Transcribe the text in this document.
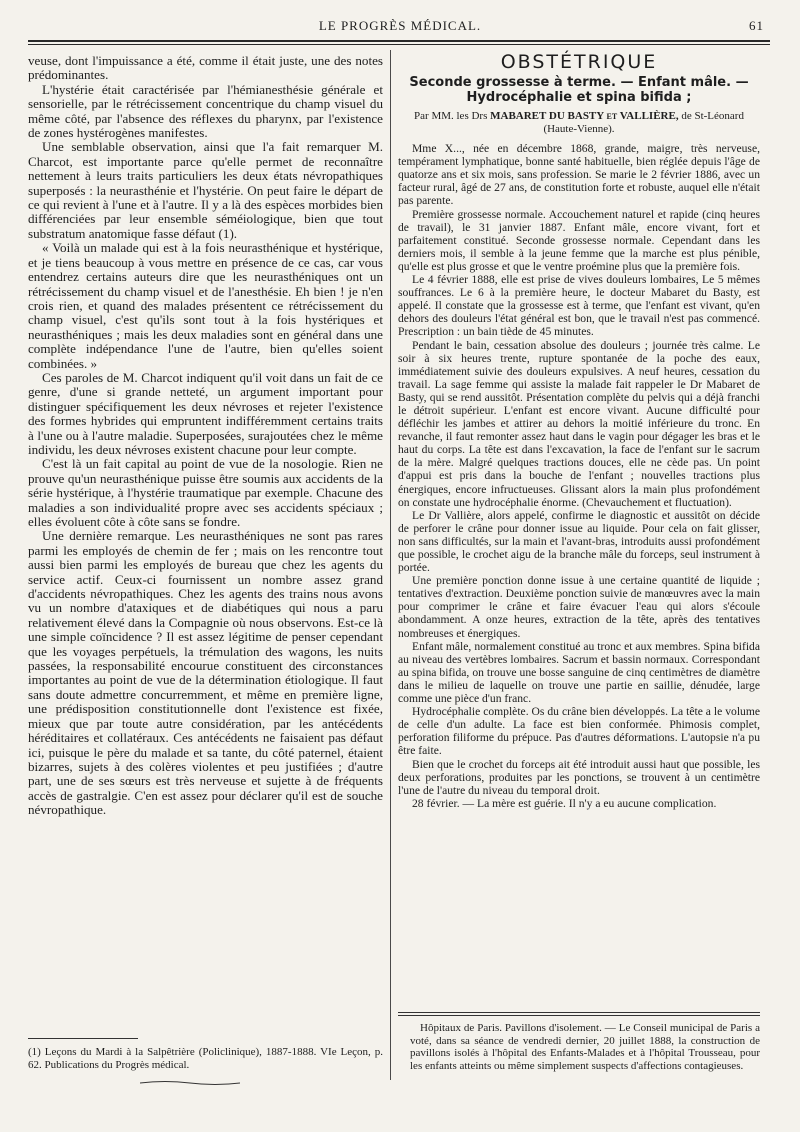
LE PROGRÈS MÉDICAL.	61

veuse, dont l'impuissance a été, comme il était juste, une des notes prédominantes.

L'hystérie était caractérisée par l'hémianesthésie générale et sensorielle, par le rétrécissement concentrique du champ visuel du même côté, par l'absence des réflexes du pharynx, par l'existence de zones hystérogènes manifestes.

Une semblable observation, ainsi que l'a fait remarquer M. Charcot, est importante parce qu'elle permet de reconnaître nettement à leurs traits particuliers les deux états névropathiques superposés : la neurasthénie et l'hystérie. On peut faire le départ de ce qui revient à l'une et à l'autre. Il y a là des espèces morbides bien différenciées par leur ensemble séméiologique, bien que tout substratum anatomique fasse défaut (1).

« Voilà un malade qui est à la fois neurasthénique et hystérique, et je tiens beaucoup à vous mettre en présence de ce cas, car vous entendrez certains auteurs dire que les neurasthéniques ont un rétrécissement du champ visuel et de l'anesthésie. Eh bien ! je n'en crois rien, et quand des malades présentent ce rétrécissement du champ visuel, c'est qu'ils sont tout à la fois hystériques et neurasthéniques ; mais les deux maladies sont en général dans une complète indépendance l'une de l'autre, bien qu'elles soient combinées. »

Ces paroles de M. Charcot indiquent qu'il voit dans un fait de ce genre, d'une si grande netteté, un argument important pour distinguer spécifiquement les deux névroses et rejeter l'existence des formes hybrides qui empruntent indifféremment certains traits à l'une ou à l'autre maladie. Superposées, surajoutées chez le même individu, les deux névroses existent chacune pour leur compte.

C'est là un fait capital au point de vue de la nosologie. Rien ne prouve qu'un neurasthénique puisse être soumis aux accidents de la série hystérique, à l'hystérie traumatique par exemple. Chacune des maladies a son individualité propre avec ses accidents spéciaux ; elles évoluent côte à côte sans se fondre.

Une dernière remarque. Les neurasthéniques ne sont pas rares parmi les employés de chemin de fer ; mais on les rencontre tout aussi bien parmi les employés de bureau que chez les agents du service actif. Ceux-ci fournissent un nombre assez grand d'accidents névropathiques. Chez les agents des trains nous avons vu un nombre d'ataxiques et de diabétiques qui nous a paru relativement élevé dans la Compagnie où nous observons. Est-ce là une simple coïncidence ? Il est assez légitime de penser cependant que les voyages perpétuels, la trémulation des wagons, les nuits passées, la responsabilité encourue constituent des circonstances importantes au point de vue de la détermination étiologique. Il faut sans doute admettre concurremment, et même en première ligne, une prédisposition constitutionnelle dont l'existence est fixée, mieux que par toute autre considération, par les antécédents héréditaires et collatéraux. Ces antécédents ne faisaient pas défaut ici, puisque le père du malade et sa tante, du côté paternel, étaient bizarres, sujets à des colères violentes et peu justifiées ; d'autre part, une de ses sœurs est très nerveuse et sujette à de fréquents accès de gastralgie. C'en est assez pour déclarer qu'il est de souche névropathique.

OBSTÉTRIQUE
Seconde grossesse à terme. — Enfant mâle. — Hydrocéphalie et spina bifida ;
Par MM. les Drs MABARET DU BASTY et VALLIÈRE, de St-Léonard (Haute-Vienne).

Mme X..., née en décembre 1868, grande, maigre, très nerveuse, tempérament lymphatique, bonne santé habituelle, bien réglée depuis l'âge de quatorze ans et six mois, sans profession. Se marie le 2 février 1886, avec un facteur rural, âgé de 27 ans, de constitution forte et robuste, auquel elle n'était pas parente.

Première grossesse normale. Accouchement naturel et rapide (cinq heures de travail), le 31 janvier 1887. Enfant mâle, encore vivant, fort et parfaitement constitué. Seconde grossesse normale. Cependant dans les derniers mois, il semble à la jeune femme que la marche est plus pénible, qu'elle est plus grosse et que le ventre proémine plus que la première fois.

Le 4 février 1888, elle est prise de vives douleurs lombaires, Le 5 mêmes souffrances. Le 6 à la première heure, le docteur Mabaret du Basty, est appelé. Il constate que la grossesse est à terme, que l'enfant est vivant, qu'en dehors des douleurs l'état général est bon, que le travail n'est pas commencé. Prescription : un bain tiède de 45 minutes.

Pendant le bain, cessation absolue des douleurs ; journée très calme. Le soir à six heures trente, rupture spontanée de la poche des eaux, immédiatement suivie des douleurs expulsives. A neuf heures, cessation du travail. La sage femme qui assiste la malade fait rappeler le Dr Mabaret de Basty, qui se rend aussitôt. Présentation complète du pelvis qui a déjà franchi le détroit supérieur. L'enfant est encore vivant. Aucune difficulté pour défléchir les jambes et attirer au dehors la moitié inférieure du tronc. En revanche, il faut remonter assez haut dans le vagin pour dégager les bras et le haut du corps. La tête est dans l'excavation, la face de l'enfant sur le sacrum de la mère. Malgré quelques tractions douces, elle ne cède pas. Un point d'appui est pris dans la bouche de l'enfant ; nouvelles tractions plus énergiques, encore infructueuses. Glissant alors la main plus profondément on constate une hydrocéphalie énorme. (Chevauchement et fluctuation).

Le Dr Vallière, alors appelé, confirme le diagnostic et aussitôt on décide de perforer le crâne pour donner issue au liquide. Pour cela on fait glisser, non sans difficultés, sur la main et l'avant-bras, introduits aussi profondément que possible, le crochet aigu de la branche mâle du forceps, seul instrument à portée.

Une première ponction donne issue à une certaine quantité de liquide ; tentatives d'extraction. Deuxième ponction suivie de manœuvres avec la main pour comprimer le crâne et faire évacuer l'eau qui alors s'écoule abondamment. A onze heures, extraction de la tête, après des tentatives nombreuses et énergiques.

Enfant mâle, normalement constitué au tronc et aux membres. Spina bifida au niveau des vertèbres lombaires. Sacrum et bassin normaux. Correspondant au spina bifida, on trouve une bosse sanguine de cinq centimètres de diamètre dans le milieu de laquelle on trouve une partie en saillie, dénudée, large comme une pièce d'un franc.

Hydrocéphalie complète. Os du crâne bien développés. La tête a le volume de celle d'un adulte. La face est bien conformée. Phimosis complet, perforation filiforme du prépuce. Pas d'autres déformations. L'autopsie n'a pu être faite.

Bien que le crochet du forceps ait été introduit aussi haut que possible, les deux perforations, produites par les ponctions, se trouvent à un centimètre l'une de l'autre du niveau du temporal droit.

28 février. — La mère est guérie. Il n'y a eu aucune complication.

Hôpitaux de Paris. Pavillons d'isolement. — Le Conseil municipal de Paris a voté, dans sa séance de vendredi dernier, 20 juillet 1888, la construction de pavillons isolés à l'hôpital des Enfants-Malades et à l'hôpital Trousseau, pour les enfants atteints ou même simplement suspects d'affections contagieuses.
(1) Leçons du Mardi à la Salpêtrière (Policlinique), 1887-1888. VIe Leçon, p. 62. Publications du Progrès médical.
